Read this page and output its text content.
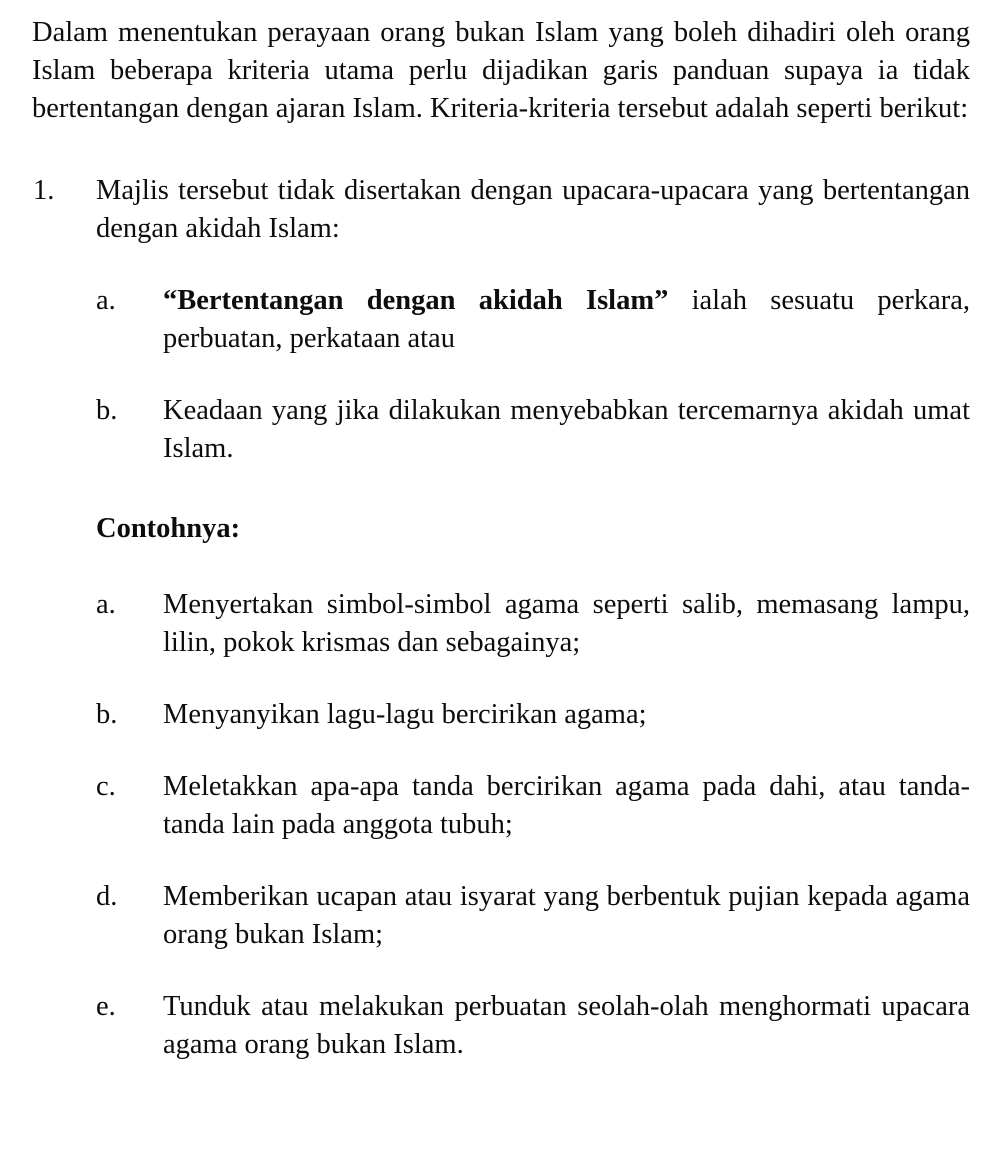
Dalam menentukan perayaan orang bukan Islam yang boleh dihadiri oleh orang Islam beberapa kriteria utama perlu dijadikan garis panduan supaya ia tidak bertentangan dengan ajaran Islam. Kriteria-kriteria tersebut adalah seperti berikut:

1. Majlis tersebut tidak disertakan dengan upacara-upacara yang bertentangan dengan akidah Islam:
a. “Bertentangan dengan akidah Islam” ialah sesuatu perkara, perbuatan, perkataan atau
b. Keadaan yang jika dilakukan menyebabkan tercemarnya akidah umat Islam.
Contohnya:
a. Menyertakan simbol-simbol agama seperti salib, memasang lampu, lilin, pokok krismas dan sebagainya;
b. Menyanyikan lagu-lagu bercirikan agama;
c. Meletakkan apa-apa tanda bercirikan agama pada dahi, atau tanda-tanda lain pada anggota tubuh;
d. Memberikan ucapan atau isyarat yang berbentuk pujian kepada agama orang bukan Islam;
e. Tunduk atau melakukan perbuatan seolah-olah menghormati upacara agama orang bukan Islam.
